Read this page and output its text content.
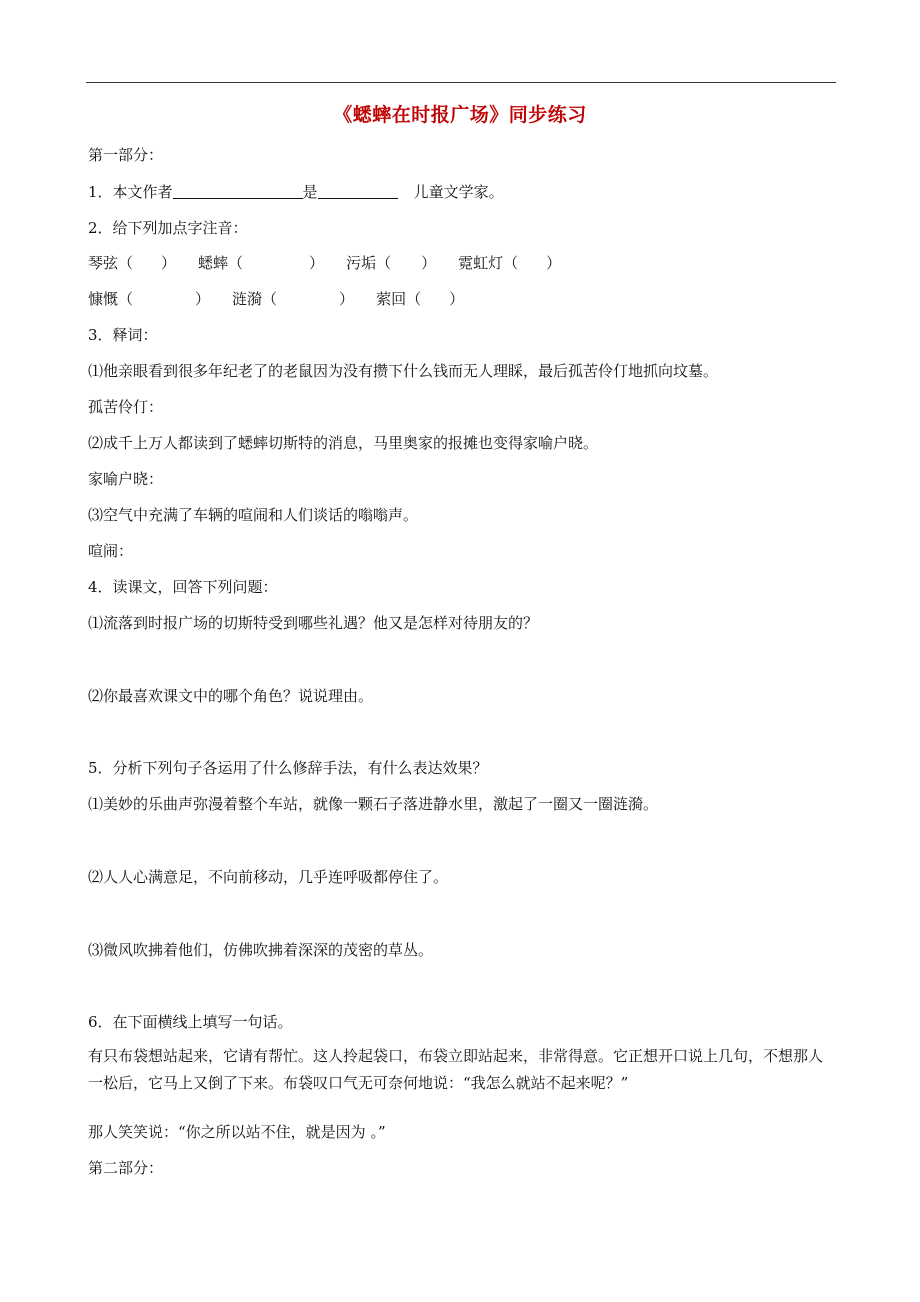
《蟋蟀在时报广场》同步练习
第一部分：
1．本文作者	是	儿童文学家。
2．给下列加点字注音：
琴弦（ ） 蟋蟀（	） 污垢（ ） 霓虹灯（ ）
慷慨（	） 涟漪（	） 萦回（ ）
3．释词：
⑴他亲眼看到很多年纪老了的老鼠因为没有攒下什么钱而无人理睬，最后孤苦伶仃地抓向坟墓。
孤苦伶仃：
⑵成千上万人都读到了蟋蟀切斯特的消息，马里奥家的报摊也变得家喻户晓。
家喻户晓：
⑶空气中充满了车辆的喧闹和人们谈话的嗡嗡声。
喧闹：
4．读课文，回答下列问题：
⑴流落到时报广场的切斯特受到哪些礼遇？他又是怎样对待朋友的？
⑵你最喜欢课文中的哪个角色？说说理由。
5．分析下列句子各运用了什么修辞手法，有什么表达效果？
⑴美妙的乐曲声弥漫着整个车站，就像一颗石子落进静水里，激起了一圈又一圈涟漪。
⑵人人心满意足，不向前移动，几乎连呼吸都停住了。
⑶微风吹拂着他们，仿佛吹拂着深深的茂密的草丛。
6．在下面横线上填写一句话。
有只布袋想站起来，它请有帮忙。这人拎起袋口，布袋立即站起来，非常得意。它正想开口说上几句，不想那人一松后，它马上又倒了下来。布袋叹口气无可奈何地说：“我怎么就站不起来呢？”
那人笑笑说：“你之所以站不住，就是因为 。”
第二部分：
